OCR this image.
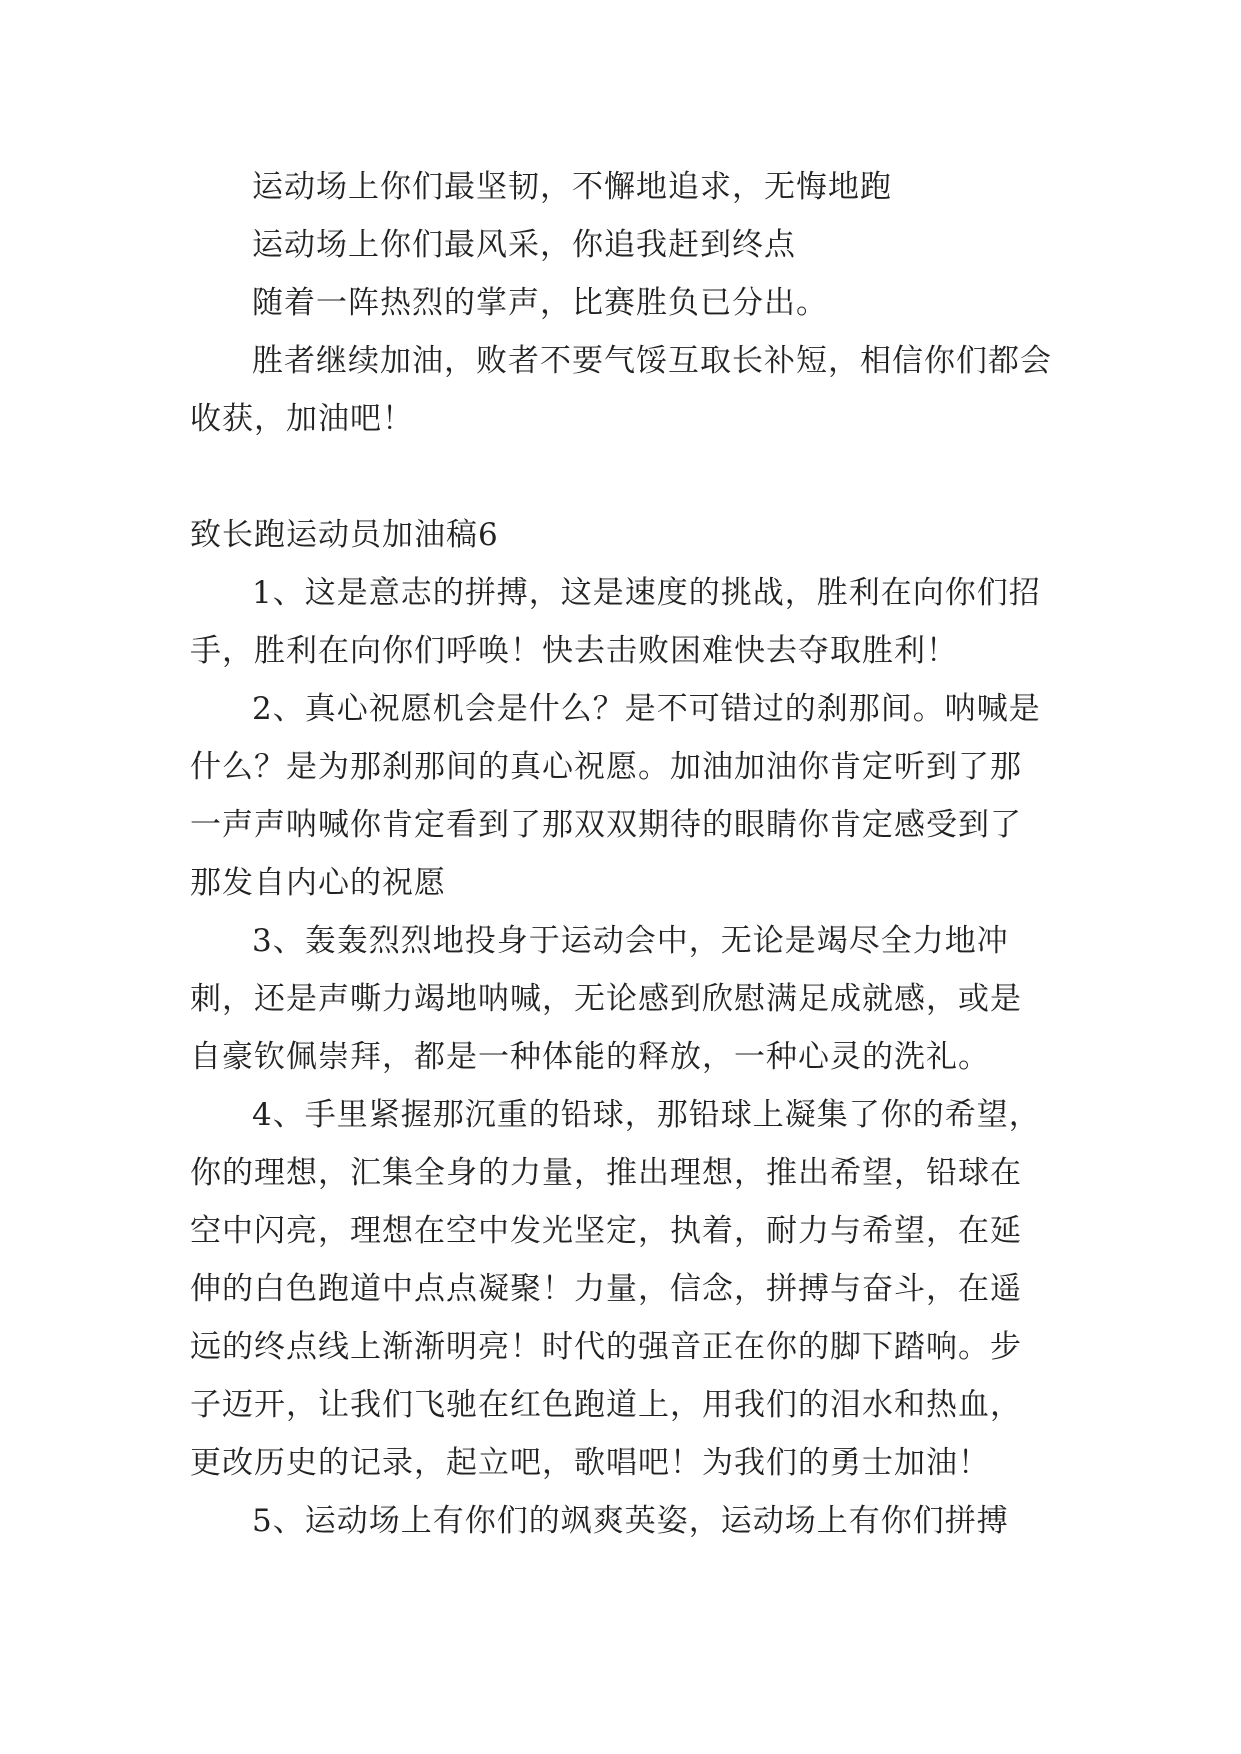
运动场上你们最坚韧，不懈地追求，无悔地跑

运动场上你们最风采，你追我赶到终点

随着一阵热烈的掌声，比赛胜负已分出。

胜者继续加油，败者不要气馁互取长补短，相信你们都会收获，加油吧！

致长跑运动员加油稿6

1、这是意志的拼搏，这是速度的挑战，胜利在向你们招手，胜利在向你们呼唤！快去击败困难快去夺取胜利！

2、真心祝愿机会是什么？是不可错过的刹那间。呐喊是什么？是为那刹那间的真心祝愿。加油加油你肯定听到了那一声声呐喊你肯定看到了那双双期待的眼睛你肯定感受到了那发自内心的祝愿

3、轰轰烈烈地投身于运动会中，无论是竭尽全力地冲刺，还是声嘶力竭地呐喊，无论感到欣慰满足成就感，或是自豪钦佩崇拜，都是一种体能的释放，一种心灵的洗礼。

4、手里紧握那沉重的铅球，那铅球上凝集了你的希望，你的理想，汇集全身的力量，推出理想，推出希望，铅球在空中闪亮，理想在空中发光坚定，执着，耐力与希望，在延伸的白色跑道中点点凝聚！力量，信念，拼搏与奋斗，在遥远的终点线上渐渐明亮！时代的强音正在你的脚下踏响。步子迈开，让我们飞驰在红色跑道上，用我们的泪水和热血，更改历史的记录，起立吧，歌唱吧！为我们的勇士加油！

5、运动场上有你们的飒爽英姿，运动场上有你们拼搏
